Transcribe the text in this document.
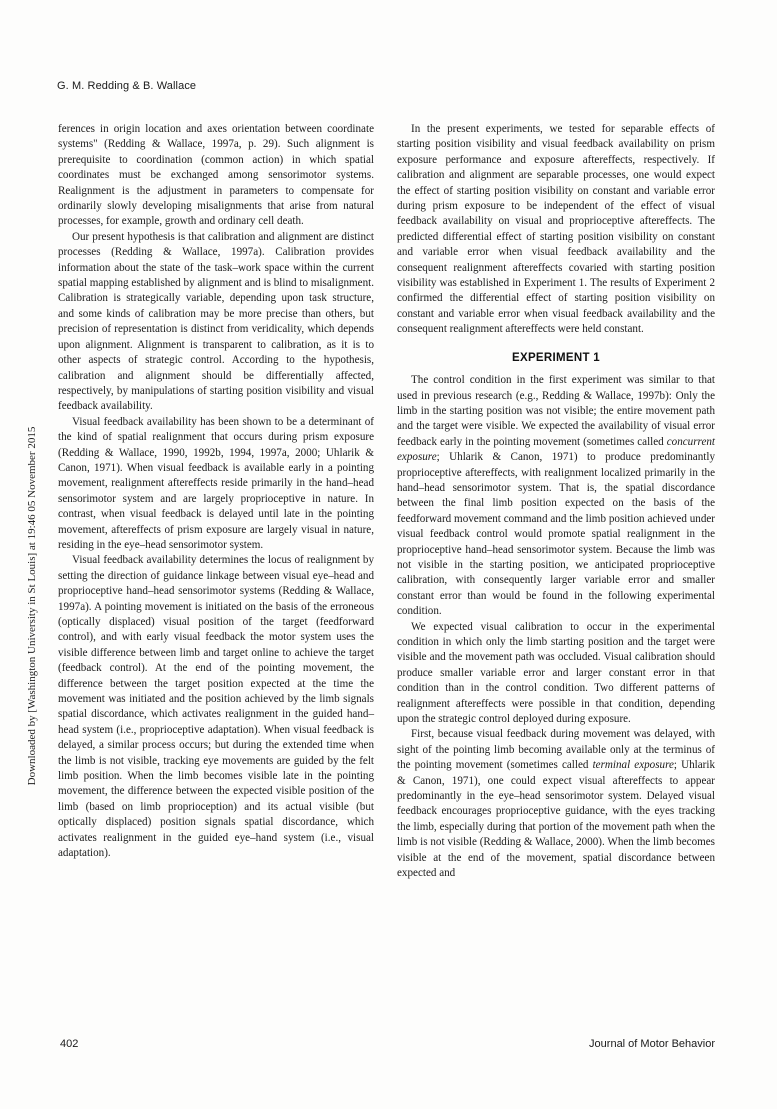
G. M. Redding & B. Wallace
Downloaded by [Washington University in St Louis] at 19:46 05 November 2015

ferences in origin location and axes orientation between coordinate systems" (Redding & Wallace, 1997a, p. 29). Such alignment is prerequisite to coordination (common action) in which spatial coordinates must be exchanged among sensorimotor systems. Realignment is the adjustment in parameters to compensate for ordinarily slowly developing misalignments that arise from natural processes, for example, growth and ordinary cell death.

Our present hypothesis is that calibration and alignment are distinct processes (Redding & Wallace, 1997a). Calibration provides information about the state of the task–work space within the current spatial mapping established by alignment and is blind to misalignment. Calibration is strategically variable, depending upon task structure, and some kinds of calibration may be more precise than others, but precision of representation is distinct from veridicality, which depends upon alignment. Alignment is transparent to calibration, as it is to other aspects of strategic control. According to the hypothesis, calibration and alignment should be differentially affected, respectively, by manipulations of starting position visibility and visual feedback availability.

Visual feedback availability has been shown to be a determinant of the kind of spatial realignment that occurs during prism exposure (Redding & Wallace, 1990, 1992b, 1994, 1997a, 2000; Uhlarik & Canon, 1971). When visual feedback is available early in a pointing movement, realignment aftereffects reside primarily in the hand–head sensorimotor system and are largely proprioceptive in nature. In contrast, when visual feedback is delayed until late in the pointing movement, aftereffects of prism exposure are largely visual in nature, residing in the eye–head sensorimotor system.

Visual feedback availability determines the locus of realignment by setting the direction of guidance linkage between visual eye–head and proprioceptive hand–head sensorimotor systems (Redding & Wallace, 1997a). A pointing movement is initiated on the basis of the erroneous (optically displaced) visual position of the target (feedforward control), and with early visual feedback the motor system uses the visible difference between limb and target online to achieve the target (feedback control). At the end of the pointing movement, the difference between the target position expected at the time the movement was initiated and the position achieved by the limb signals spatial discordance, which activates realignment in the guided hand–head system (i.e., proprioceptive adaptation). When visual feedback is delayed, a similar process occurs; but during the extended time when the limb is not visible, tracking eye movements are guided by the felt limb position. When the limb becomes visible late in the pointing movement, the difference between the expected visible position of the limb (based on limb proprioception) and its actual visible (but optically displaced) position signals spatial discordance, which activates realignment in the guided eye–hand system (i.e., visual adaptation).

In the present experiments, we tested for separable effects of starting position visibility and visual feedback availability on prism exposure performance and exposure aftereffects, respectively. If calibration and alignment are separable processes, one would expect the effect of starting position visibility on constant and variable error during prism exposure to be independent of the effect of visual feedback availability on visual and proprioceptive aftereffects. The predicted differential effect of starting position visibility on constant and variable error when visual feedback availability and the consequent realignment aftereffects covaried with starting position visibility was established in Experiment 1. The results of Experiment 2 confirmed the differential effect of starting position visibility on constant and variable error when visual feedback availability and the consequent realignment aftereffects were held constant.

EXPERIMENT 1

The control condition in the first experiment was similar to that used in previous research (e.g., Redding & Wallace, 1997b): Only the limb in the starting position was not visible; the entire movement path and the target were visible. We expected the availability of visual error feedback early in the pointing movement (sometimes called concurrent exposure; Uhlarik & Canon, 1971) to produce predominantly proprioceptive aftereffects, with realignment localized primarily in the hand–head sensorimotor system. That is, the spatial discordance between the final limb position expected on the basis of the feedforward movement command and the limb position achieved under visual feedback control would promote spatial realignment in the proprioceptive hand–head sensorimotor system. Because the limb was not visible in the starting position, we anticipated proprioceptive calibration, with consequently larger variable error and smaller constant error than would be found in the following experimental condition.

We expected visual calibration to occur in the experimental condition in which only the limb starting position and the target were visible and the movement path was occluded. Visual calibration should produce smaller variable error and larger constant error in that condition than in the control condition. Two different patterns of realignment aftereffects were possible in that condition, depending upon the strategic control deployed during exposure.

First, because visual feedback during movement was delayed, with sight of the pointing limb becoming available only at the terminus of the pointing movement (sometimes called terminal exposure; Uhlarik & Canon, 1971), one could expect visual aftereffects to appear predominantly in the eye–head sensorimotor system. Delayed visual feedback encourages proprioceptive guidance, with the eyes tracking the limb, especially during that portion of the movement path when the limb is not visible (Redding & Wallace, 2000). When the limb becomes visible at the end of the movement, spatial discordance between expected and

402	Journal of Motor Behavior
